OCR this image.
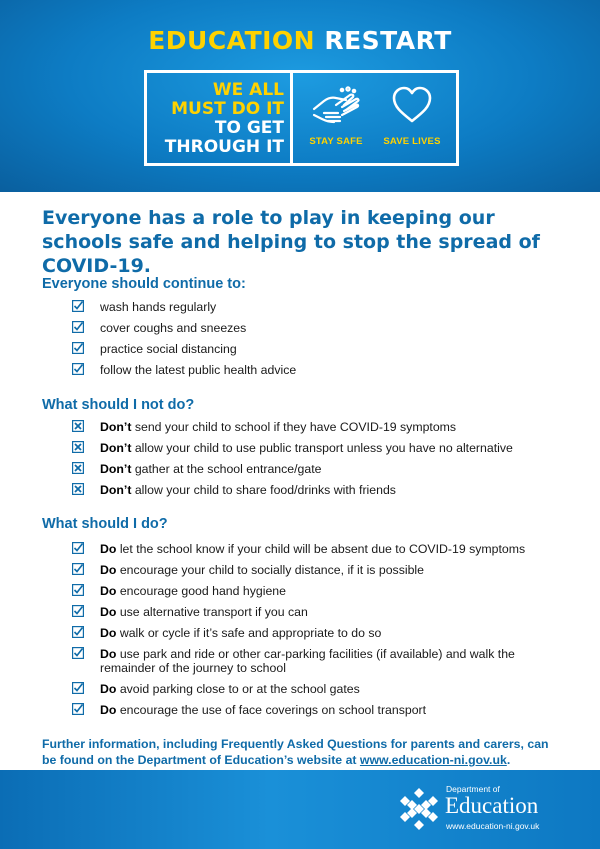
EDUCATION RESTART
WE ALL
MUST DO IT
TO GET
THROUGH IT	STAY SAFE	SAVE LIVES
Everyone has a role to play in keeping our schools safe and helping to stop the spread of COVID-19.
Everyone should continue to:
wash hands regularly
cover coughs and sneezes
practice social distancing
follow the latest public health advice
What should I not do?
Don’t send your child to school if they have COVID-19 symptoms
Don’t allow your child to use public transport unless you have no alternative
Don’t gather at the school entrance/gate
Don’t allow your child to share food/drinks with friends
What should I do?
Do let the school know if your child will be absent due to COVID-19 symptoms
Do encourage your child to socially distance, if it is possible
Do encourage good hand hygiene
Do use alternative transport if you can
Do walk or cycle if it’s safe and appropriate to do so
Do use park and ride or other car-parking facilities (if available) and walk the remainder of the journey to school
Do avoid parking close to or at the school gates
Do encourage the use of face coverings on school transport
Further information, including Frequently Asked Questions for parents and carers, can be found on the Department of Education’s website at www.education-ni.gov.uk.
Department of
Education
www.education-ni.gov.uk
